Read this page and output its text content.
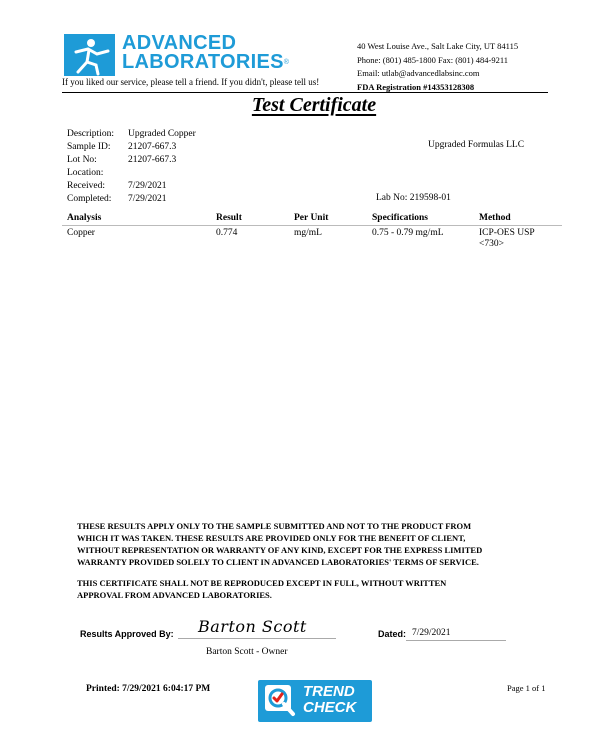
ADVANCED
LABORATORIES®
If you liked our service, please tell a friend. If you didn't, please tell us!
40 West Louise Ave., Salt Lake City, UT 84115
Phone: (801) 485-1800 Fax: (801) 484-9211
Email: utlab@advancedlabsinc.com
FDA Registration #14353128308
Test Certificate
Description: Upgraded Copper
Sample ID: 21207-667.3
Lot No:	21207-667.3
Location:
Received: 7/29/2021
Completed: 7/29/2021
Upgraded Formulas LLC
Lab No: 219598-01
Analysis	Result	Per Unit	Specifications	Method
Copper	0.774	mg/mL	0.75 - 0.79 mg/mL	ICP-OES USP
<730>
THESE RESULTS APPLY ONLY TO THE SAMPLE SUBMITTED AND NOT TO THE PRODUCT FROM
WHICH IT WAS TAKEN. THESE RESULTS ARE PROVIDED ONLY FOR THE BENEFIT OF CLIENT,
WITHOUT REPRESENTATION OR WARRANTY OF ANY KIND, EXCEPT FOR THE EXPRESS LIMITED
WARRANTY PROVIDED SOLELY TO CLIENT IN ADVANCED LABORATORIES' TERMS OF SERVICE.
THIS CERTIFICATE SHALL NOT BE REPRODUCED EXCEPT IN FULL, WITHOUT WRITTEN
APPROVAL FROM ADVANCED LABORATORIES.
Results Approved By: Barton Scott
Barton Scott - Owner
Dated: 7/29/2021
Printed: 7/29/2021 6:04:17 PM	Page 1 of 1
TREND
CHECK
